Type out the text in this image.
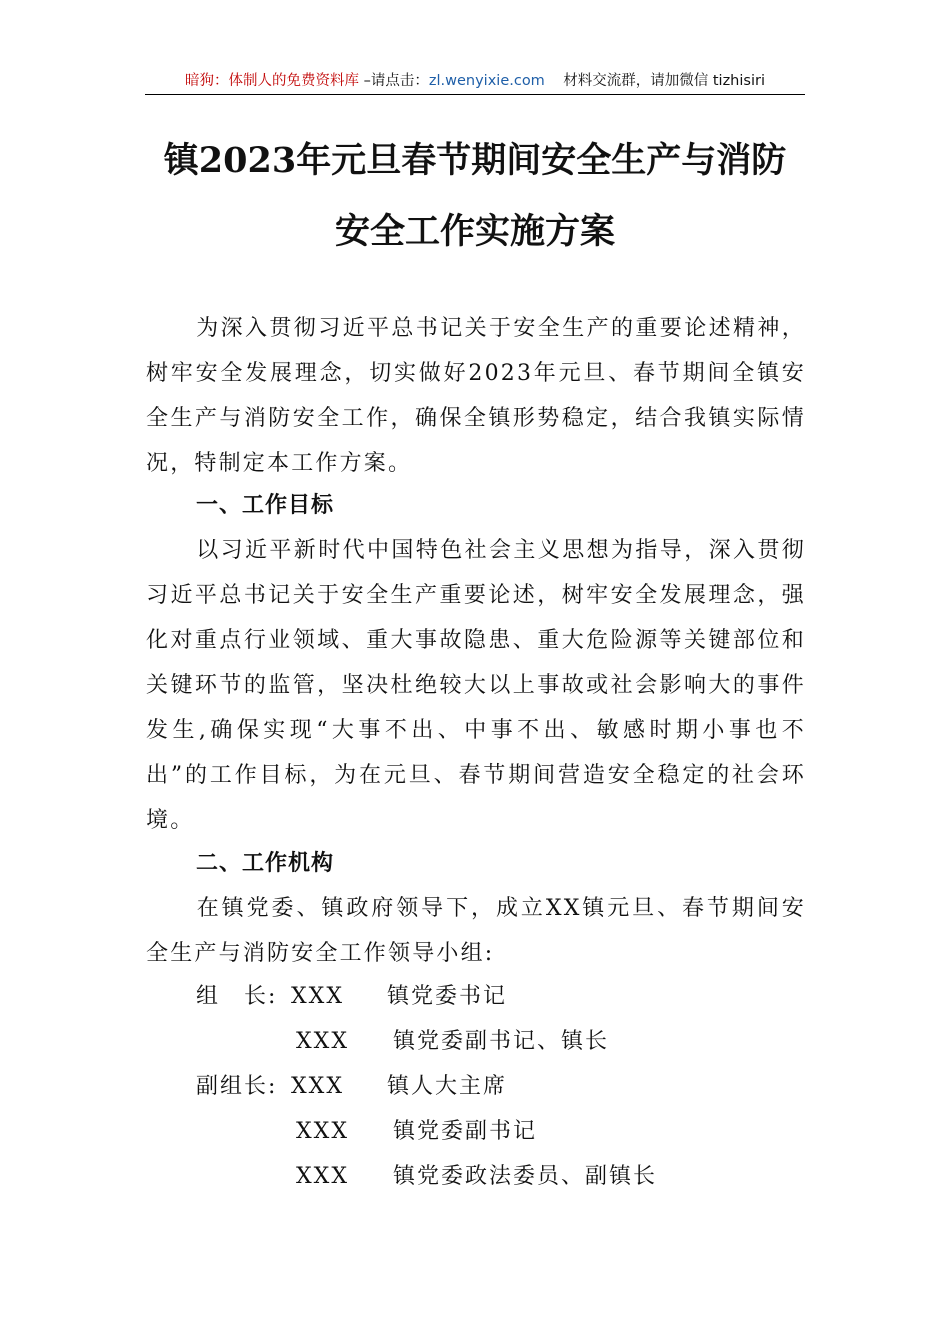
暗狗：体制人的免费资料库 –请点击：zl.wenyixie.com    材料交流群，请加微信 tizhisiri
镇2023年元旦春节期间安全生产与消防
安全工作实施方案
为深入贯彻习近平总书记关于安全生产的重要论述精神，树牢安全发展理念，切实做好2023年元旦、春节期间全镇安全生产与消防安全工作，确保全镇形势稳定，结合我镇实际情况，特制定本工作方案。
一、工作目标
以习近平新时代中国特色社会主义思想为指导，深入贯彻习近平总书记关于安全生产重要论述，树牢安全发展理念，强化对重点行业领域、重大事故隐患、重大危险源等关键部位和关键环节的监管，坚决杜绝较大以上事故或社会影响大的事件发生,确保实现“大事不出、中事不出、敏感时期小事也不出”的工作目标，为在元旦、春节期间营造安全稳定的社会环境。
二、工作机构
在镇党委、镇政府领导下，成立XX镇元旦、春节期间安全生产与消防安全工作领导小组:
组　长: XXX 镇党委书记
XXX 镇党委副书记、镇长
副组长: XXX 镇人大主席
XXX 镇党委副书记
XXX 镇党委政法委员、副镇长
